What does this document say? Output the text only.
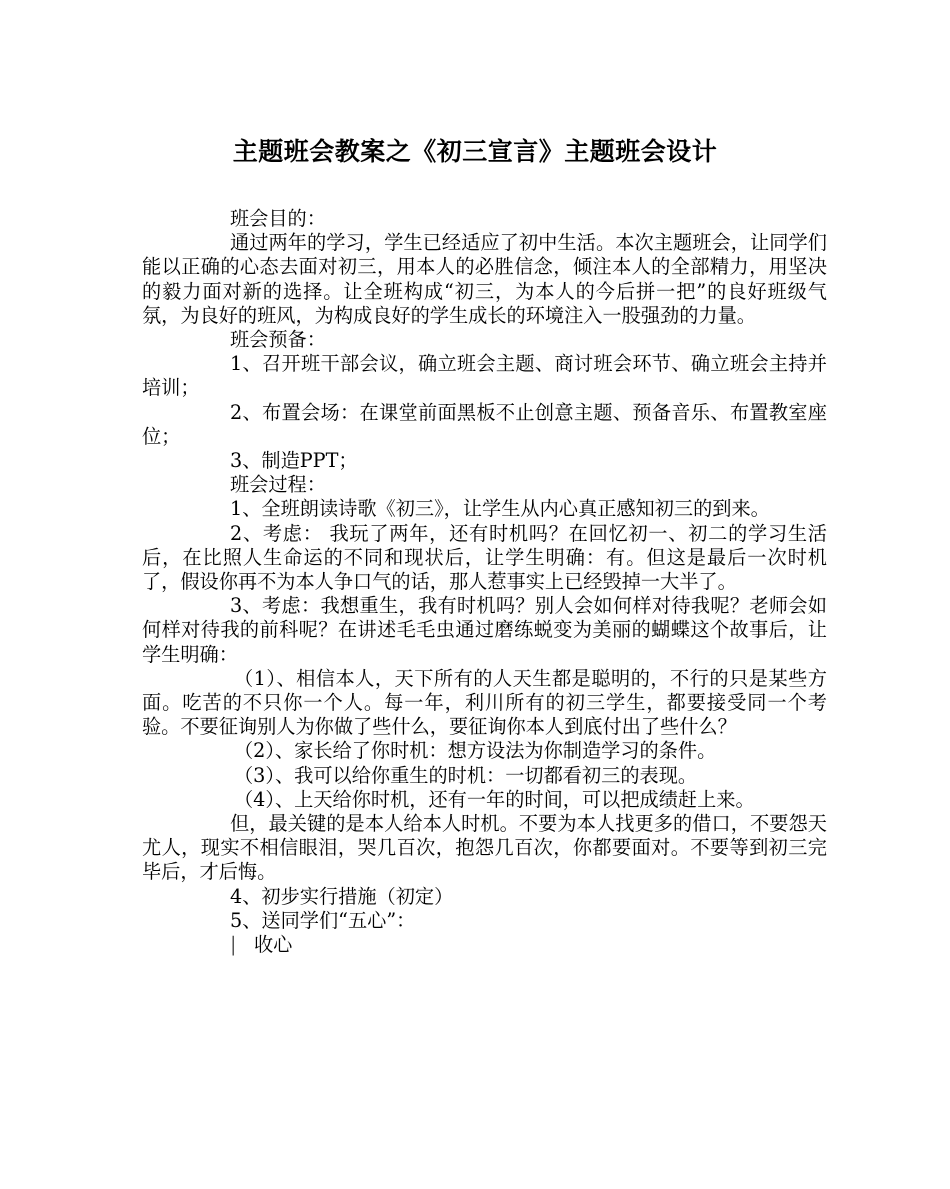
主题班会教案之《初三宣言》主题班会设计

班会目的：

通过两年的学习，学生已经适应了初中生活。本次主题班会，让同学们能以正确的心态去面对初三，用本人的必胜信念，倾注本人的全部精力，用坚决的毅力面对新的选择。让全班构成“初三，为本人的今后拼一把”的良好班级气氛，为良好的班风，为构成良好的学生成长的环境注入一股强劲的力量。

班会预备：

1、召开班干部会议，确立班会主题、商讨班会环节、确立班会主持并培训；

2、布置会场：在课堂前面黑板不止创意主题、预备音乐、布置教室座位；

3、制造PPT；

班会过程：

1、全班朗读诗歌《初三》，让学生从内心真正感知初三的到来。

2、考虑： 我玩了两年，还有时机吗？在回忆初一、初二的学习生活后，在比照人生命运的不同和现状后，让学生明确：有。但这是最后一次时机了，假设你再不为本人争口气的话，那人惹事实上已经毁掉一大半了。

3、考虑：我想重生，我有时机吗？别人会如何样对待我呢？老师会如何样对待我的前科呢？在讲述毛毛虫通过磨练蜕变为美丽的蝴蝶这个故事后，让学生明确：

（1）、相信本人，天下所有的人天生都是聪明的，不行的只是某些方面。吃苦的不只你一个人。每一年，利川所有的初三学生，都要接受同一个考验。不要征询别人为你做了些什么，要征询你本人到底付出了些什么？

（2）、家长给了你时机：想方设法为你制造学习的条件。

（3）、我可以给你重生的时机：一切都看初三的表现。

（4）、上天给你时机，还有一年的时间，可以把成绩赶上来。

但，最关键的是本人给本人时机。不要为本人找更多的借口，不要怨天尤人，现实不相信眼泪，哭几百次，抱怨几百次，你都要面对。不要等到初三完毕后，才后悔。

4、初步实行措施（初定）

5、送同学们“五心”：

| 收心
